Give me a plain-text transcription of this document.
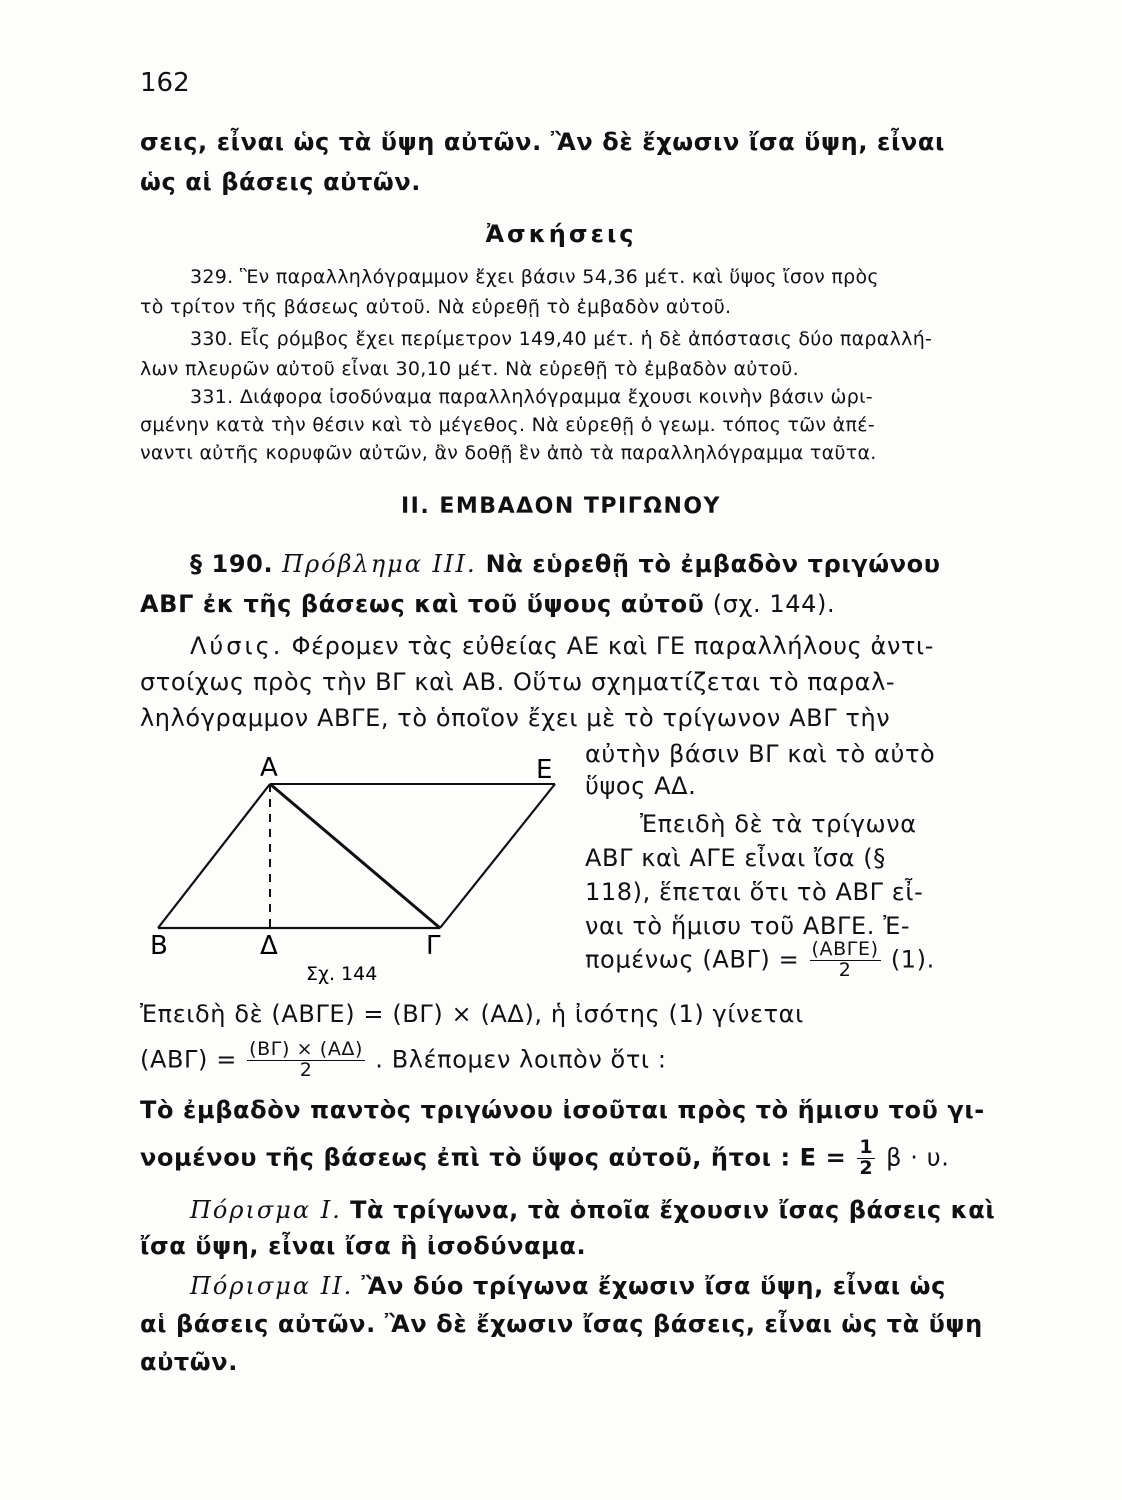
162
σεις, εἶναι ὡς τὰ ὕψη αὐτῶν. Ἂν δὲ ἔχωσιν ἴσα ὕψη, εἶναι
ὡς αἱ βάσεις αὐτῶν.
Ἀσκήσεις
329. Ἓν παραλληλόγραμμον ἔχει βάσιν 54,36 μέτ. καὶ ὕψος ἴσον πρὸς
τὸ τρίτον τῆς βάσεως αὐτοῦ. Νὰ εὑρεθῇ τὸ ἐμβαδὸν αὐτοῦ.
330. Εἷς ρόμβος ἔχει περίμετρον 149,40 μέτ. ἡ δὲ ἀπόστασις δύο παραλλή-
λων πλευρῶν αὐτοῦ εἶναι 30,10 μέτ. Νὰ εὑρεθῇ τὸ ἐμβαδὸν αὐτοῦ.
331. Διάφορα ἰσοδύναμα παραλληλόγραμμα ἔχουσι κοινὴν βάσιν ὡρι-
σμένην κατὰ τὴν θέσιν καὶ τὸ μέγεθος. Νὰ εὑρεθῇ ὁ γεωμ. τόπος τῶν ἀπέ-
ναντι αὐτῆς κορυφῶν αὐτῶν, ἂν δοθῇ ἓν ἀπὸ τὰ παραλληλόγραμμα ταῦτα.
ΙΙ. ΕΜΒΑΔΟΝ ΤΡΙΓΩΝΟΥ
§ 190. Πρόβλημα ΙΙΙ. Νὰ εὑρεθῇ τὸ ἐμβαδὸν τριγώνου
ΑΒΓ ἐκ τῆς βάσεως καὶ τοῦ ὕψους αὐτοῦ (σχ. 144).
Λύσις. Φέρομεν τὰς εὐθείας ΑΕ καὶ ΓΕ παραλλήλους ἀντι-
στοίχως πρὸς τὴν ΒΓ καὶ ΑΒ. Οὕτω σχηματίζεται τὸ παραλ-
ληλόγραμμον ΑΒΓΕ, τὸ ὁποῖον ἔχει μὲ τὸ τρίγωνον ΑΒΓ τὴν
αὐτὴν βάσιν ΒΓ καὶ τὸ αὐτὸ
ὕψος ΑΔ.
Ἐπειδὴ δὲ τὰ τρίγωνα
ΑΒΓ καὶ ΑΓΕ εἶναι ἴσα (§
118), ἕπεται ὅτι τὸ ΑΒΓ εἶ-
ναι τὸ ἥμισυ τοῦ ΑΒΓΕ. Ἐ-
πομένως $(AB\Gamma) = \frac{\text{(ΑΒΓΕ)}}{2} (1)$.
Α	Ε
Β	Δ	Γ
Σχ. 144
Ἐπειδὴ δὲ (ΑΒΓΕ) = (ΒΓ) × (ΑΔ), ἡ ἰσότης (1) γίνεται
$(AB\Gamma) = \frac{(B\Gamma) \times (A\Delta)}{2}$ . Βλέπομεν λοιπὸν ὅτι :
Τὸ ἐμβαδὸν παντὸς τριγώνου ἰσοῦται πρὸς τὸ ἥμισυ τοῦ γι-
νομένου τῆς βάσεως ἐπὶ τὸ ὕψος αὐτοῦ, ἤτοι : $E = \frac{1}{2}$ β · υ.
Πόρισμα Ι. Τὰ τρίγωνα, τὰ ὁποῖα ἔχουσιν ἴσας βάσεις καὶ
ἴσα ὕψη, εἶναι ἴσα ἢ ἰσοδύναμα.
Πόρισμα ΙΙ. Ἂν δύο τρίγωνα ἔχωσιν ἴσα ὕψη, εἶναι ὡς
αἱ βάσεις αὐτῶν. Ἂν δὲ ἔχωσιν ἴσας βάσεις, εἶναι ὡς τὰ ὕψη
αὐτῶν.
